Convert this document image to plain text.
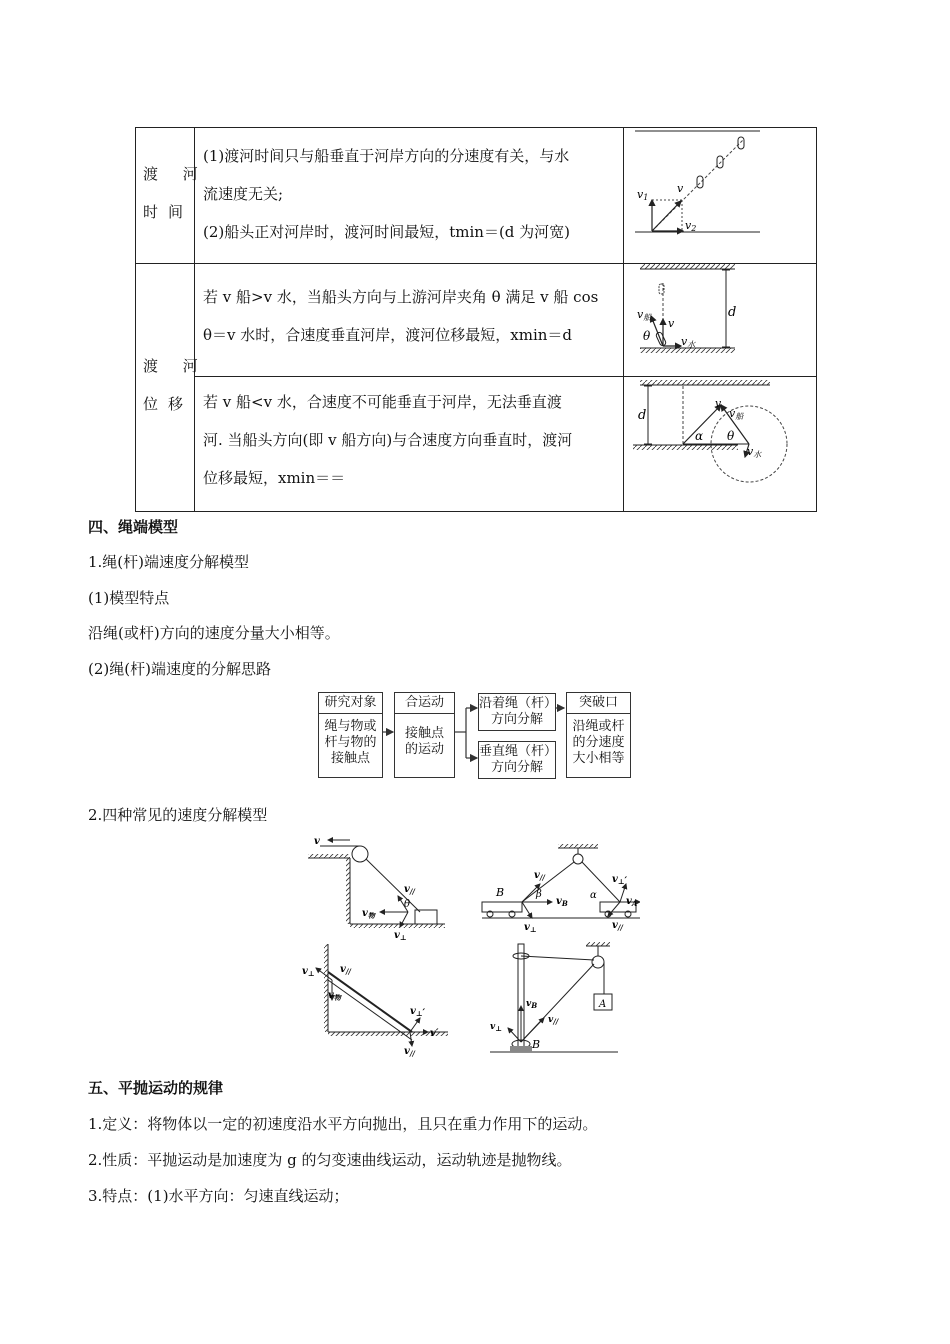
渡 河
时间
(1)渡河时间只与船垂直于河岸方向的分速度有关，与水
流速度无关;
(2)船头正对河岸时，渡河时间最短，tmin＝(d 为河宽)
渡 河
位移
若 v 船>v 水，当船头方向与上游河岸夹角 θ 满足 v 船 cos
θ＝v 水时，合速度垂直河岸，渡河位移最短，xmin＝d
若 v 船<v 水，合速度不可能垂直于河岸，无法垂直渡
河. 当船头方向(即 v 船方向)与合速度方向垂直时，渡河
位移最短，xmin＝＝
v1
v
v2
d
v船 v
θ	v水
d
v
v船
α θ
v水
四、绳端模型
1.绳(杆)端速度分解模型
(1)模型特点
沿绳(或杆)方向的速度分量大小相等。
(2)绳(杆)端速度的分解思路
研究对象
绳与物或
杆与物的
接触点
合运动
接触点
的运动
沿着绳（杆）
方向分解
垂直绳（杆）
方向分解
突破口
沿绳或杆
的分速度
大小相等
2.四种常见的速度分解模型
v
$v_{//}$
$v_物$
θ
$v_\perp$
B	β
$v_B$
α
$v_{//}$
$v_\perp$
$v_\perp'$
$v_A$
$v_{//}$
$v_\perp$	$v_{//}$
$v_物$
$v_\perp'$
v′
$v_{//}$
A
$v_B$
$v_{//}$
$v_\perp$
B
五、平抛运动的规律
1.定义：将物体以一定的初速度沿水平方向抛出，且只在重力作用下的运动。
2.性质：平抛运动是加速度为 g 的匀变速曲线运动，运动轨迹是抛物线。
3.特点：(1)水平方向：匀速直线运动；
